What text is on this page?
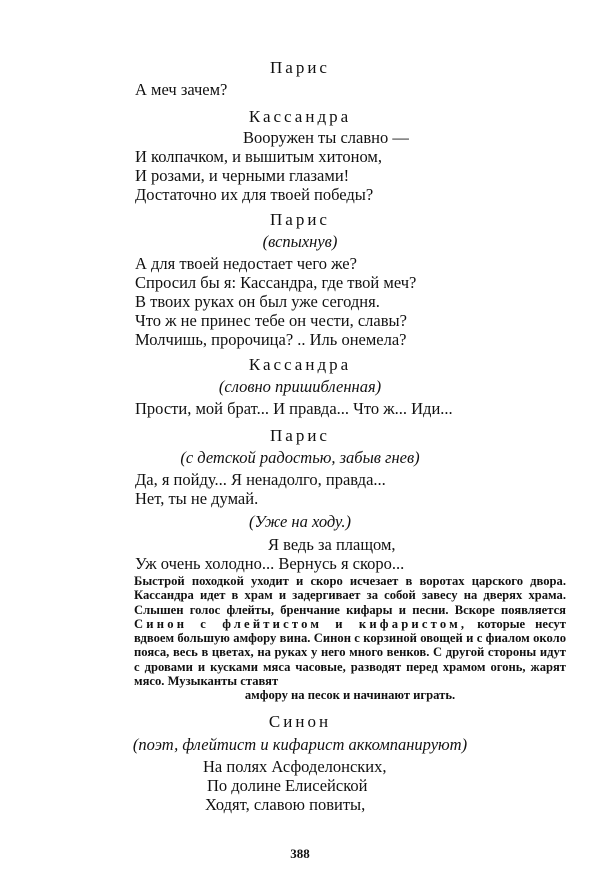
Парис
А меч зачем?
Кассандра
Вооружен ты славно —
И колпачком, и вышитым хитоном,
И розами, и черными глазами!
Достаточно их для твоей победы?
Парис
(вспыхнув)
А для твоей недостает чего же?
Спросил бы я: Кассандра, где твой меч?
В твоих руках он был уже сегодня.
Что ж не принес тебе он чести, славы?
Молчишь, пророчица? .. Иль онемела?
Кассандра
(словно пришибленная)
Прости, мой брат... И правда... Что ж... Иди...
Парис
(с детской радостью, забыв гнев)
Да, я пойду... Я ненадолго, правда...
Нет, ты не думай.
(Уже на ходу.)
Я ведь за плащом,
Уж очень холодно... Вернусь я скоро...
Быстрой походкой уходит и скоро исчезает в воротах царского двора. Кассандра идет в храм и задергивает за собой завесу на дверях храма. Слышен голос флейты, бренчание кифары и песни. Вскоре появляется Синон с флейтистом и кифаристом, которые несут вдвоем большую амфору вина. Синон с корзиной овощей и с фиалом около пояса, весь в цветах, на руках у него много венков. С другой стороны идут с дровами и кусками мяса часовые, разводят перед храмом огонь, жарят мясо. Музыканты ставят
амфору на песок и начинают играть.
Синон
(поэт, флейтист и кифарист аккомпанируют)
На полях Асфоделонских,
По долине Елисейской
Ходят, славою повиты,
388
